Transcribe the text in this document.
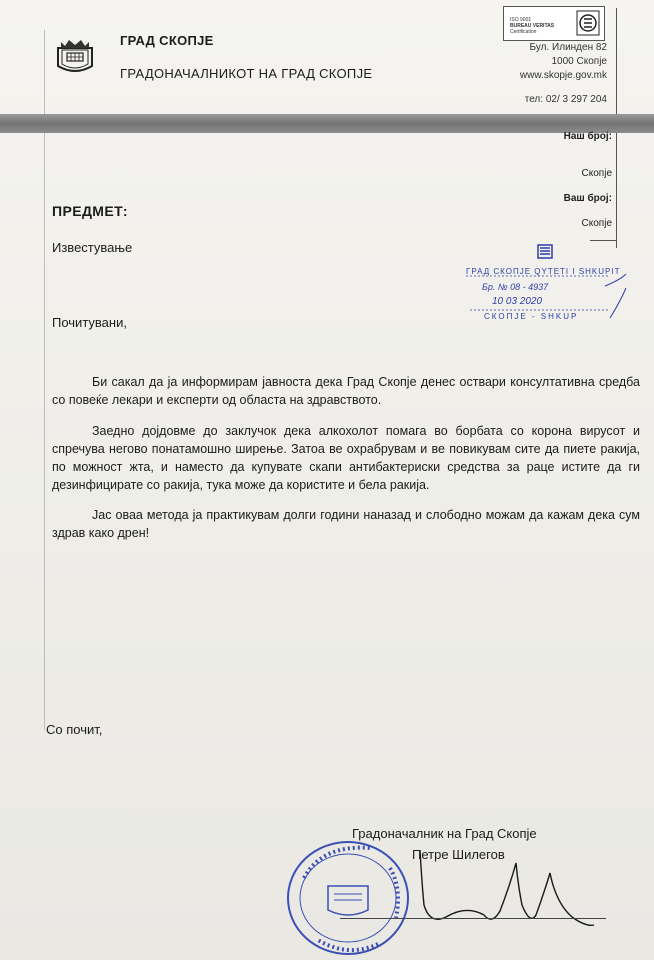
ГРАД СКОПЈЕ
ГРАДОНАЧАЛНИКОТ НА ГРАД СКОПЈЕ
ISO 9001
BUREAU VERITAS
Certification
Бул. Илинден 82
1000 Скопје
www.skopje.gov.mk
тел: 02/ 3 297 204
Наш број:
Скопје
Ваш број:
Скопје
ПРЕДМЕТ:
Известување
ГРАД СКОПЈЕ QYTETI I SHKUPIT
Бр. № 08 - 4937
10 03 2020
СКОПЈЕ - SHKUP
Почитувани,

Би сакал да ја информирам јавноста дека Град Скопје денес оствари консултативна средба со повеќе лекари и експерти од областа на здравството.

Заедно дојдовме до заклучок дека алкохолот помага во борбата со корона вирусот и спречува негово понатамошно ширење. Затоа ве охрабрувам и ве повикувам сите да пиете ракија, по можност жта, и наместо да купувате скапи антибактериски средства за раце истите да ги дезинфицирате со ракија, тука може да користите и бела ракија.

Јас оваа метода ја практикувам долги години наназад и слободно можам да кажам дека сум здрав како дрен!

Со почит,
Градоначалник на Град Скопје
Петре Шилегов
